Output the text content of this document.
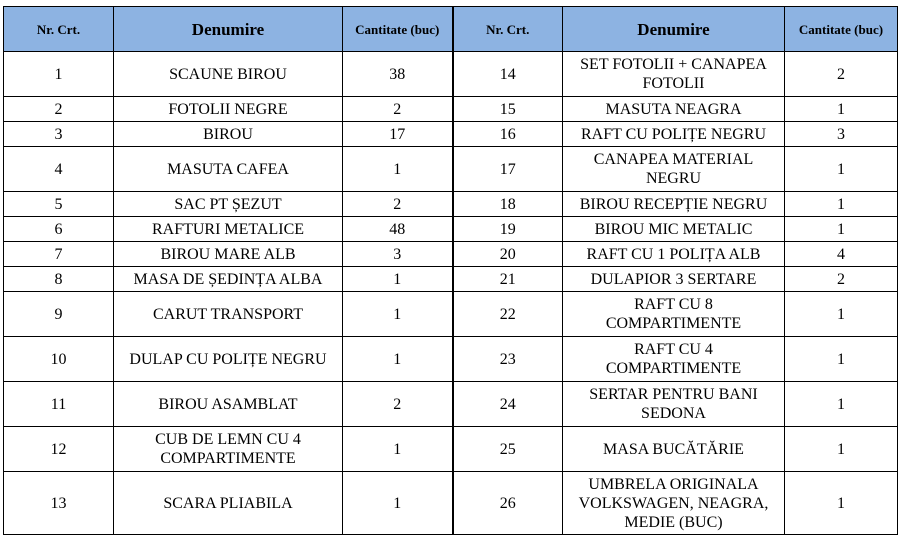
Nr. Crt.	Denumire	Cantitate (buc)	Nr. Crt.	Denumire	Cantitate (buc)
1	SCAUNE BIROU	38	14	SET FOTOLII + CANAPEA FOTOLII	2
2	FOTOLII NEGRE	2	15	MASUTA NEAGRA	1
3	BIROU	17	16	RAFT CU POLIȚE NEGRU	3
4	MASUTA CAFEA	1	17	CANAPEA MATERIAL NEGRU	1
5	SAC PT ȘEZUT	2	18	BIROU RECEPȚIE NEGRU	1
6	RAFTURI METALICE	48	19	BIROU MIC METALIC	1
7	BIROU MARE ALB	3	20	RAFT CU 1 POLIȚA ALB	4
8	MASA DE ȘEDINȚA ALBA	1	21	DULAPIOR 3 SERTARE	2
9	CARUT TRANSPORT	1	22	RAFT CU 8 COMPARTIMENTE	1
10	DULAP CU POLIȚE NEGRU	1	23	RAFT CU 4 COMPARTIMENTE	1
11	BIROU ASAMBLAT	2	24	SERTAR PENTRU BANI SEDONA	1
12	CUB DE LEMN CU 4 COMPARTIMENTE	1	25	MASA BUCĂTĂRIE	1
13	SCARA PLIABILA	1	26	UMBRELA ORIGINALA VOLKSWAGEN, NEAGRA, MEDIE (BUC)	1
